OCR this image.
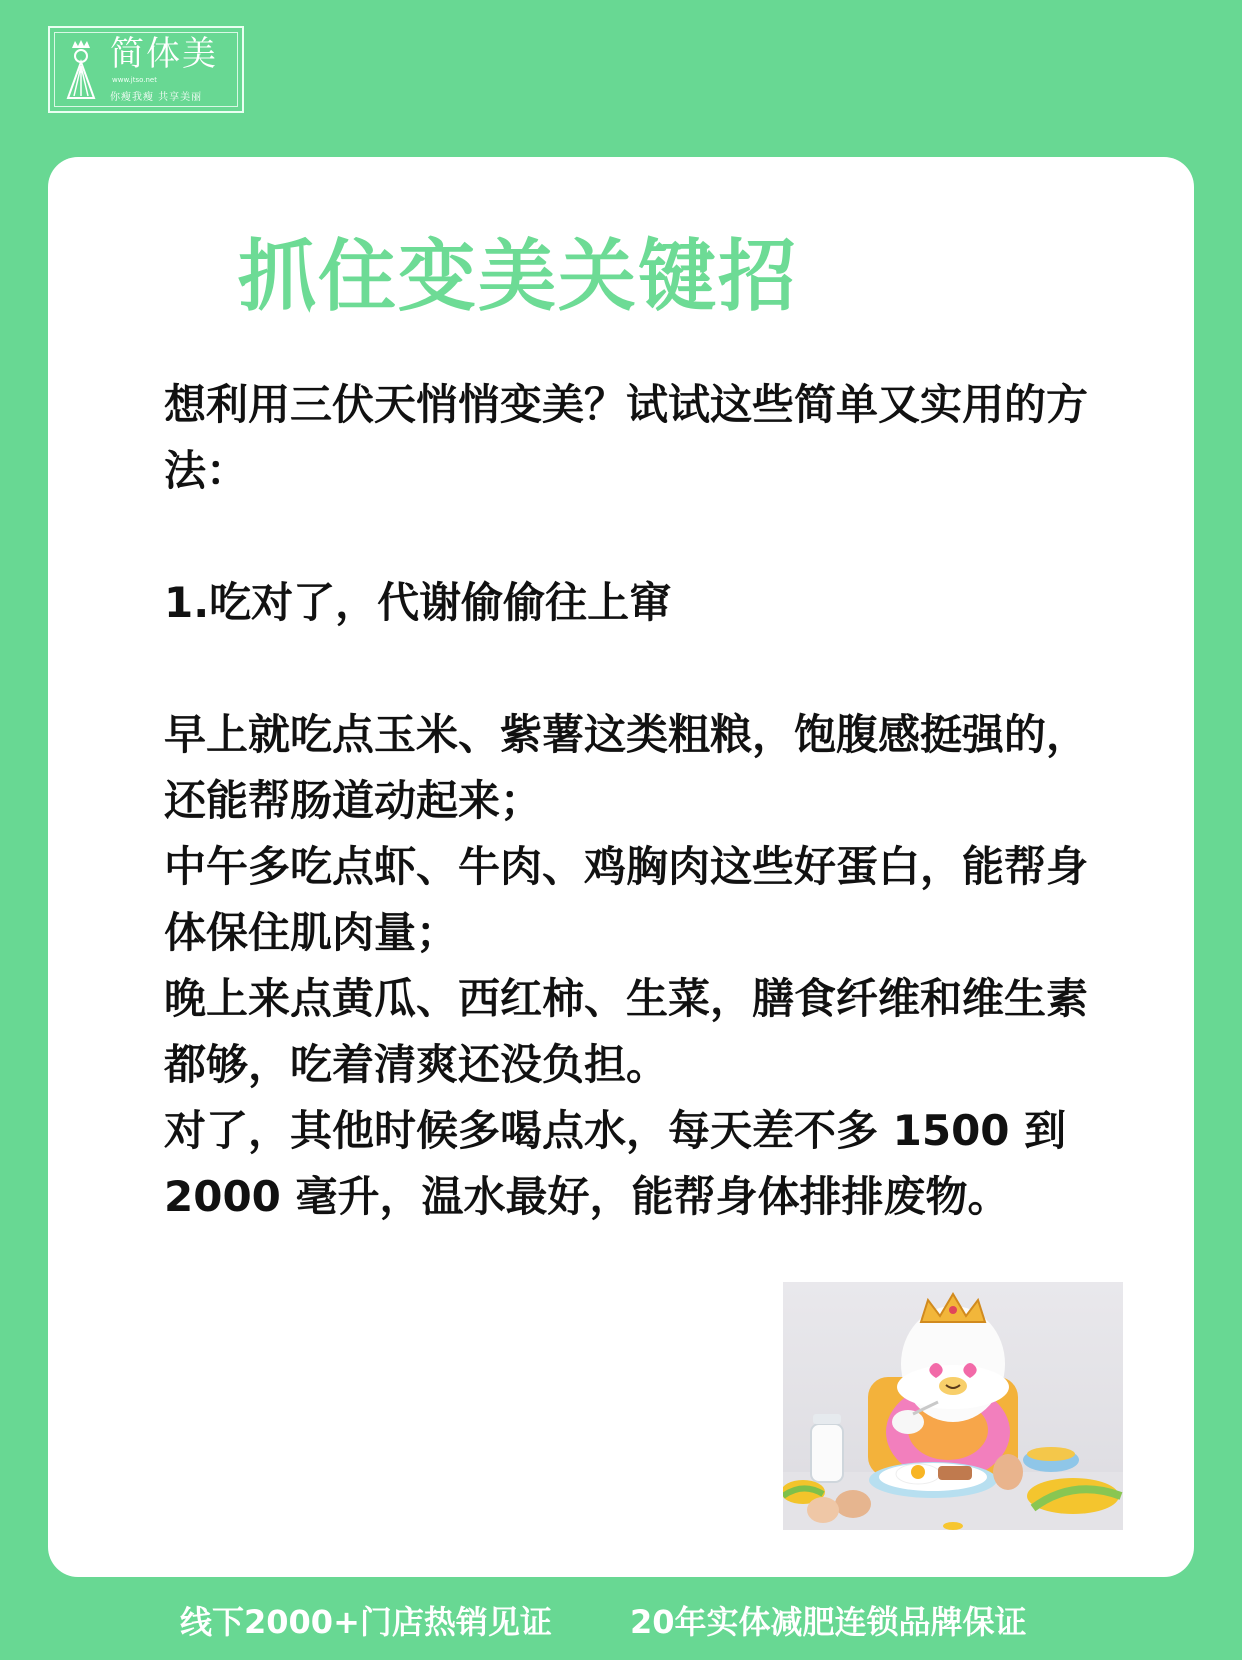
简体美
www.jtso.net
你瘦我瘦 共享美丽
抓住变美关键招

想利用三伏天悄悄变美？试试这些简单又实用的方法：

1.吃对了，代谢偷偷往上窜

早上就吃点玉米、紫薯这类粗粮，饱腹感挺强的，还能帮肠道动起来；

中午多吃点虾、牛肉、鸡胸肉这些好蛋白，能帮身体保住肌肉量；

晚上来点黄瓜、西红柿、生菜，膳食纤维和维生素都够，吃着清爽还没负担。

对了，其他时候多喝点水，每天差不多 1500 到 2000 毫升，温水最好，能帮身体排排废物。

线下2000+门店热销见证 20年实体减肥连锁品牌保证
